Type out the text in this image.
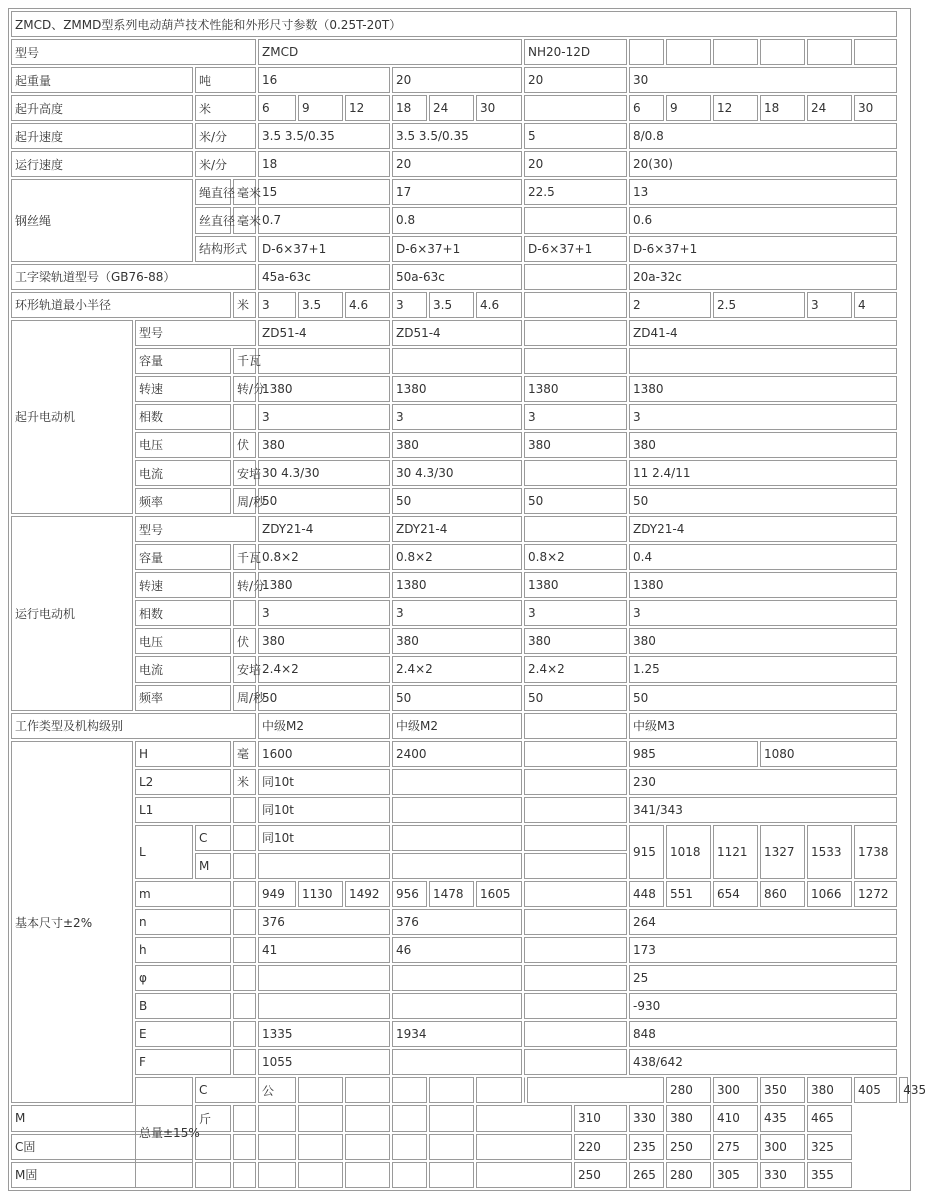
ZMCD、ZMMD型系列电动葫芦技术性能和外形尺寸参数（0.25T-20T）																			
型号				ZMCD						NH20-12D									
起重量		吨		16			20			20			30						
起升高度		米		6	9	12	18	24	30				6	9	12	18	24	30	
起升速度		米/分		3.5 3.5/0.35			3.5 3.5/0.35			5			8/0.8						
运行速度		米/分		18			20			20			20(30)						
钢丝绳		绳直径	毫米	15			17			22.5			13						
		丝直径	毫米	0.7			0.8						0.6						
		结构形式		D-6×37+1			D-6×37+1			D-6×37+1			D-6×37+1						
工字梁轨道型号（GB76-88）				45a-63c			50a-63c						20a-32c						
环形轨道最小半径			米	3	3.5	4.6	3	3.5	4.6				2		2.5		3	4	
起升电动机	型号			ZD51-4			ZD51-4						ZD41-4						
	容量		千瓦																
	转速		转/分	1380			1380			1380			1380						
	相数			3			3			3			3						
	电压		伏	380			380			380			380						
	电流		安培	30 4.3/30			30 4.3/30						11 2.4/11						
	频率		周/秒	50			50			50			50						
运行电动机	型号			ZDY21-4			ZDY21-4						ZDY21-4						
	容量		千瓦	0.8×2			0.8×2			0.8×2			0.4						
	转速		转/分	1380			1380			1380			1380						
	相数			3			3			3			3						
	电压		伏	380			380			380			380						
	电流		安培	2.4×2			2.4×2			2.4×2			1.25						
	频率		周/秒	50			50			50			50						
工作类型及机构级别				中级M2			中级M2						中级M3						
基本尺寸±2%	H		毫	1600			2400						985			1080			
	L2		米	同10t									230						
	L1			同10t									341/343						
	L	C		同10t									915	1018	1121	1327	1533	1738	
		M																	
	m			949	1130	1492	956	1478	1605				448	551	654	860	1066	1272	
	n			376			376						264						
	h			41			46						173						
	φ												25						
	B												-930						
	E			1335			1934						848						
	F			1055									438/642						
	总量±15%	C		公										280	300	350	380	405	435
M		斤										310	330	380	410	435	465		
C固												220	235	250	275	300	325		
M固												250	265	280	305	330	355		
